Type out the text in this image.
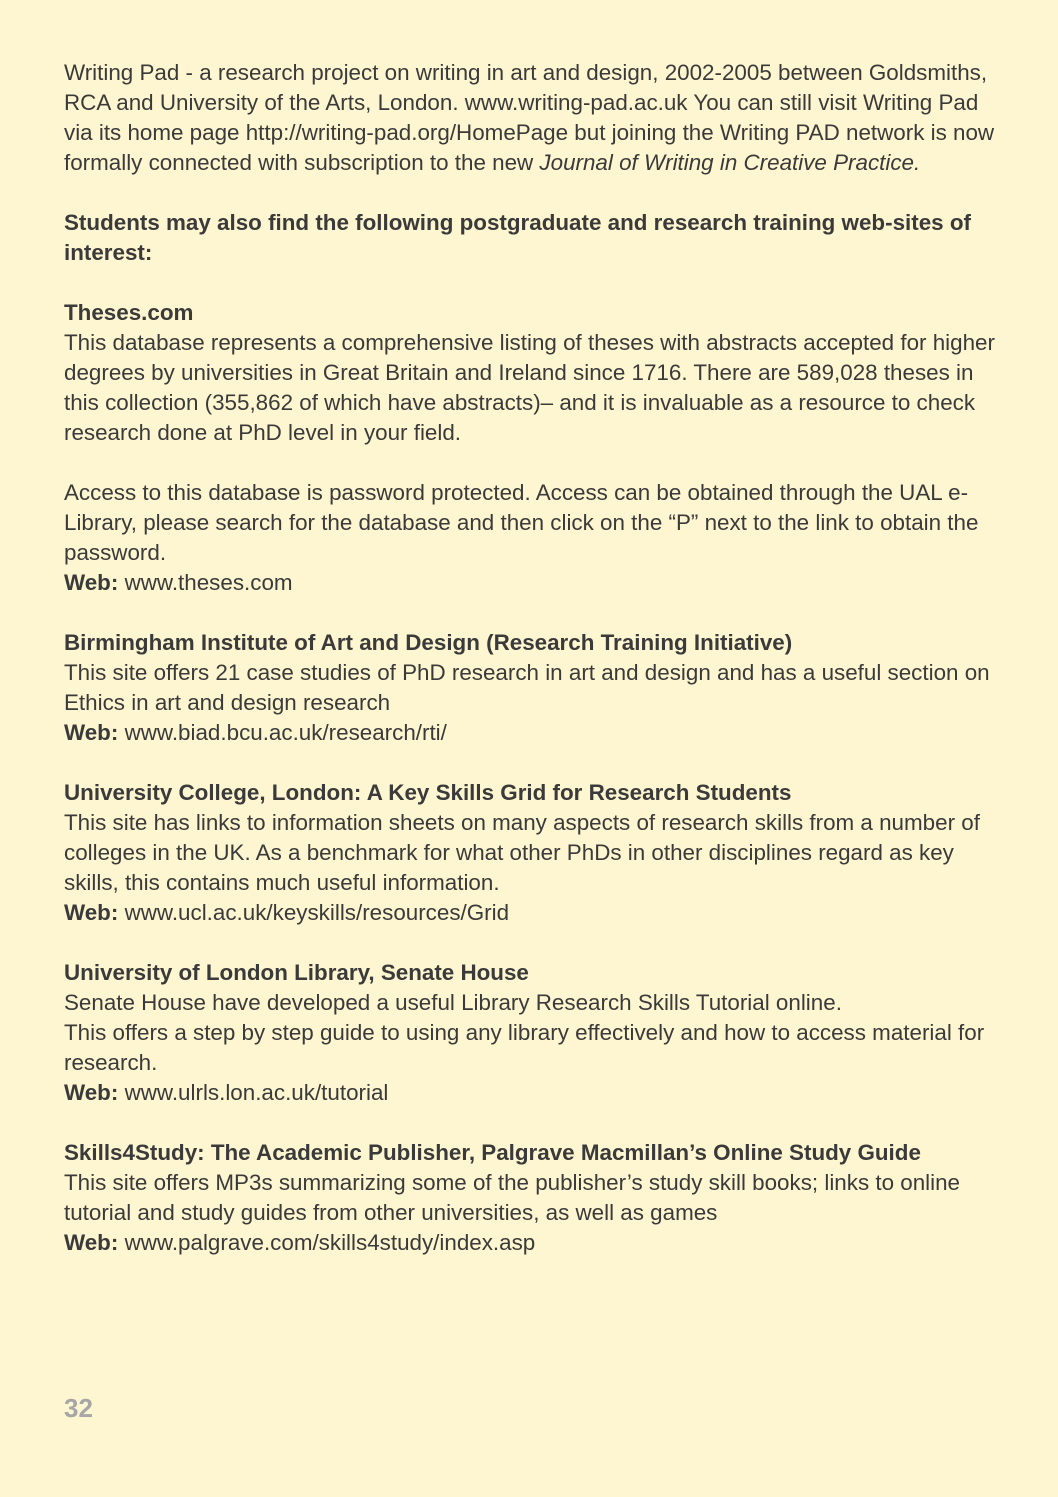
Writing Pad - a research project on writing in art and design, 2002-2005 between Goldsmiths, RCA and University of the Arts, London. www.writing-pad.ac.uk You can still visit Writing Pad via its home page http://writing-pad.org/HomePage but joining the Writing PAD network is now formally connected with subscription to the new Journal of Writing in Creative Practice.

Students may also find the following postgraduate and research training web-sites of interest:

Theses.com

This database represents a comprehensive listing of theses with abstracts accepted for higher degrees by universities in Great Britain and Ireland since 1716. There are 589,028 theses in this collection (355,862 of which have abstracts)– and it is invaluable as a resource to check research done at PhD level in your field.

Access to this database is password protected. Access can be obtained through the UAL e-Library, please search for the database and then click on the “P” next to the link to obtain the password.

Web: www.theses.com

Birmingham Institute of Art and Design (Research Training Initiative)

This site offers 21 case studies of PhD research in art and design and has a useful section on Ethics in art and design research

Web: www.biad.bcu.ac.uk/research/rti/

University College, London: A Key Skills Grid for Research Students

This site has links to information sheets on many aspects of research skills from a number of colleges in the UK. As a benchmark for what other PhDs in other disciplines regard as key skills, this contains much useful information.

Web: www.ucl.ac.uk/keyskills/resources/Grid

University of London Library, Senate House

Senate House have developed a useful Library Research Skills Tutorial online.

This offers a step by step guide to using any library effectively and how to access material for research.

Web: www.ulrls.lon.ac.uk/tutorial

Skills4Study: The Academic Publisher, Palgrave Macmillan’s Online Study Guide

This site offers MP3s summarizing some of the publisher’s study skill books; links to online tutorial and study guides from other universities, as well as games

Web: www.palgrave.com/skills4study/index.asp

32
